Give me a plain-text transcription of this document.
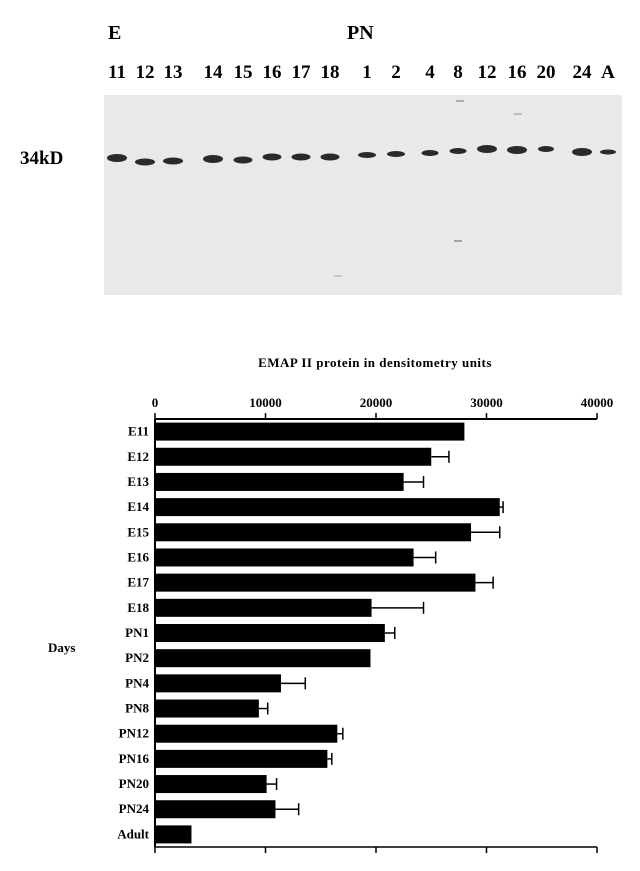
E	PN
11 12 13 14 15 16 17 18 1 2 4 8 12 16 20 24 A
34kD
EMAP II protein in densitometry units
Days
0	10000	20000	30000	40000
E11
E12
E13
E14
E15
E16
E17
E18
PN1
PN2
PN4
PN8
PN12
PN16
PN20
PN24
Adult
